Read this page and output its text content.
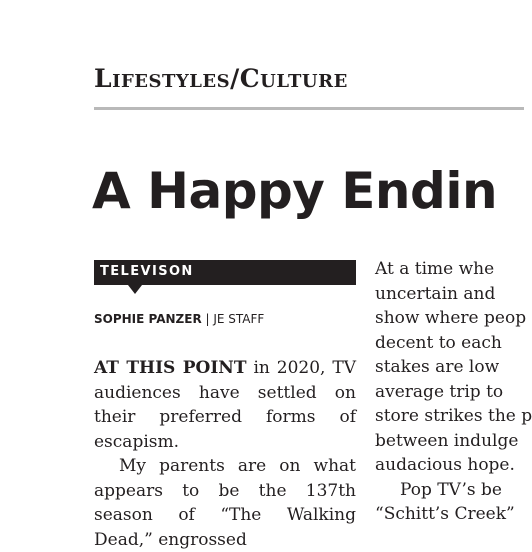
Lifestyles/Culture
A Happy Endin
TELEVISON
SOPHIE PANZER | JE STAFF

AT THIS POINT in 2020, TV audiences have settled on their preferred forms of escapism.

My parents are on what appears to be the 137th season of “The Walking Dead,” engrossed

At a time whe
uncertain and
show where peop
decent to each
stakes are low
average trip to
store strikes the p
between indulge
audacious hope.
Pop TV’s be
“Schitt’s Creek”
